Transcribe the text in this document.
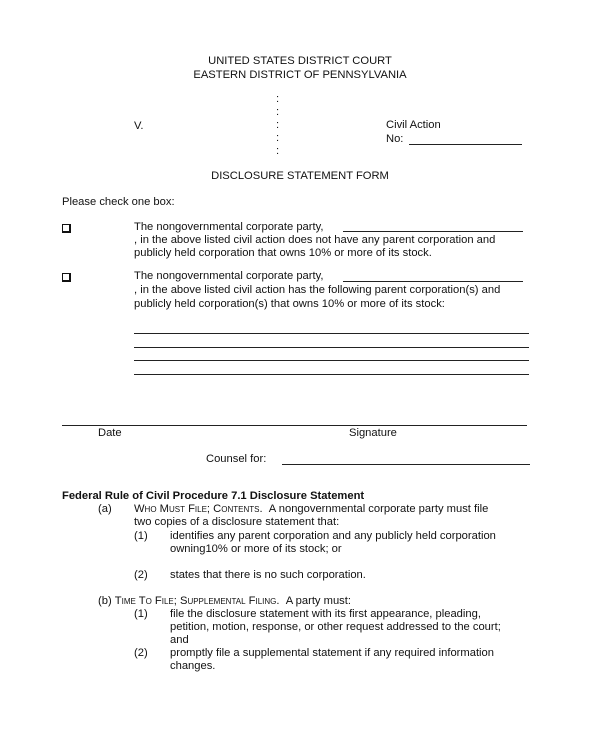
UNITED STATES DISTRICT COURT
EASTERN DISTRICT OF PENNSYLVANIA
:
:
:
:
:
V.	Civil Action
No:
DISCLOSURE STATEMENT FORM
Please check one box:
The nongovernmental corporate party,
, in the above listed civil action does not have any parent corporation and
publicly held corporation that owns 10% or more of its stock.
The nongovernmental corporate party,
, in the above listed civil action has the following parent corporation(s) and
publicly held corporation(s) that owns 10% or more of its stock:
Date	Signature
Counsel for:
Federal Rule of Civil Procedure 7.1 Disclosure Statement
(a) Who Must File; Contents. A nongovernmental corporate party must file
two copies of a disclosure statement that:
(1) identifies any parent corporation and any publicly held corporation
owning10% or more of its stock; or
(2) states that there is no such corporation.
(b) Time To File; Supplemental Filing. A party must:
(1) file the disclosure statement with its first appearance, pleading,
petition, motion, response, or other request addressed to the court;
and
(2) promptly file a supplemental statement if any required information
changes.
